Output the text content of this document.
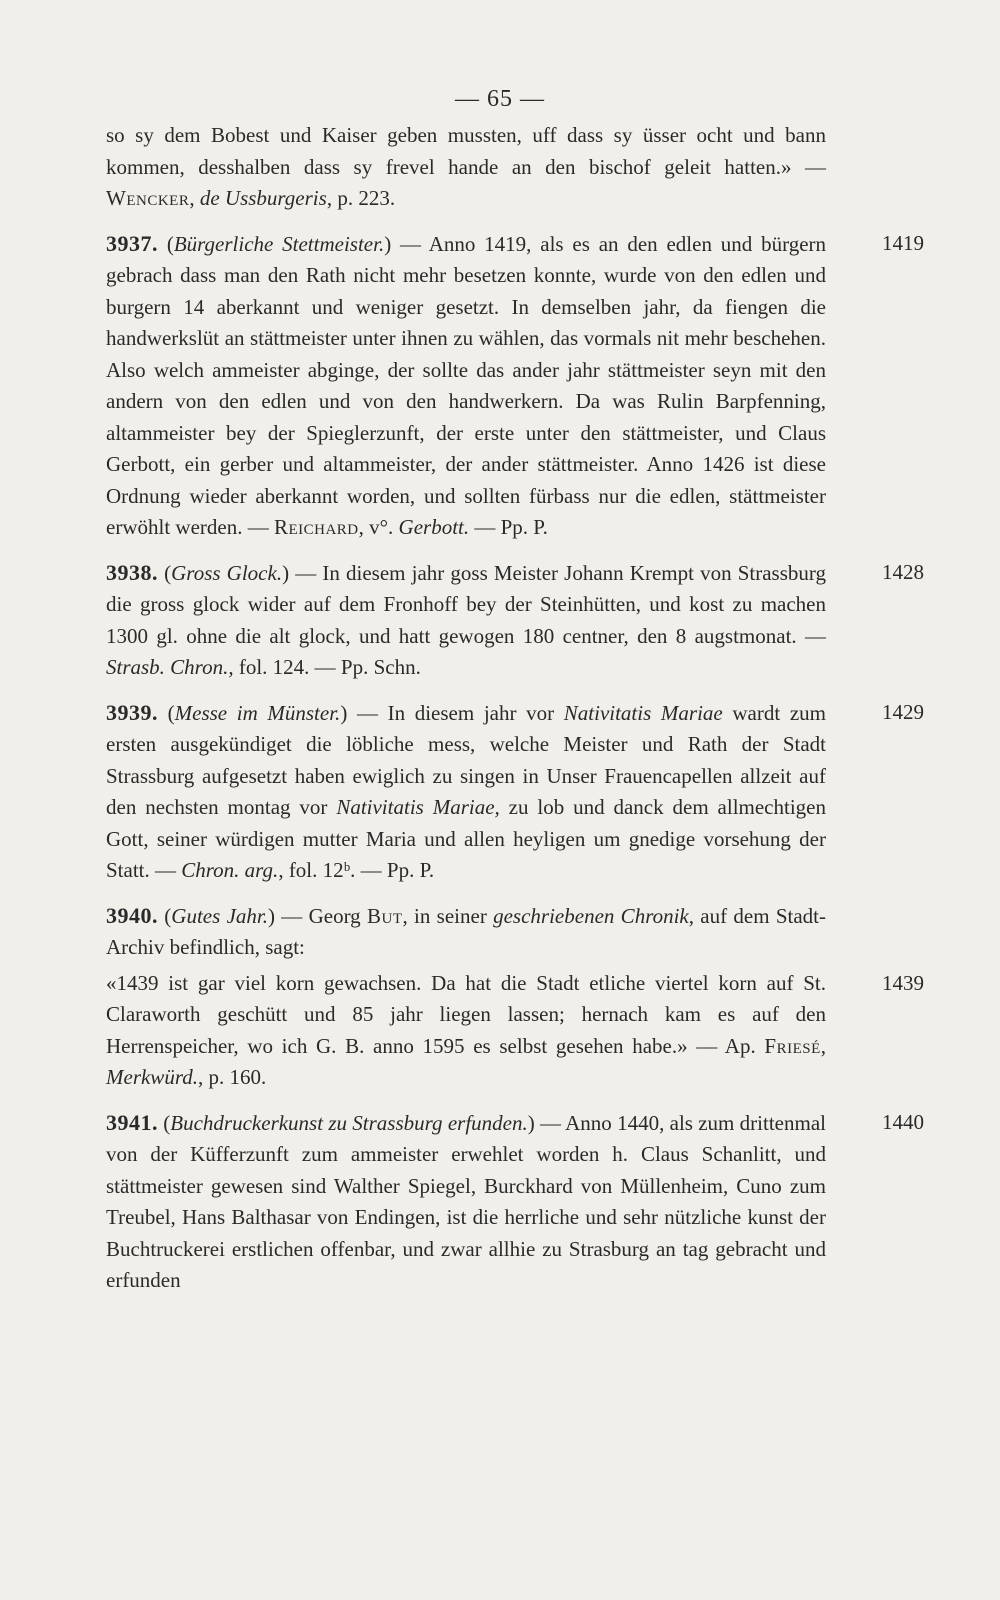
— 65 —

so sy dem Bobest und Kaiser geben mussten, uff dass sy üsser ocht und bann kommen, desshalben dass sy frevel hande an den bischof geleit hatten.» — Wencker, de Ussburgeris, p. 223.

1419
3937. (Bürgerliche Stettmeister.) — Anno 1419, als es an den edlen und bürgern gebrach dass man den Rath nicht mehr besetzen konnte, wurde von den edlen und burgern 14 aberkannt und weniger gesetzt. In demselben jahr, da fiengen die handwerkslüt an stättmeister unter ihnen zu wählen, das vormals nit mehr beschehen. Also welch ammeister abginge, der sollte das ander jahr stättmeister seyn mit den andern von den edlen und von den handwerkern. Da was Rulin Barpfenning, altammeister bey der Spieglerzunft, der erste unter den stättmeister, und Claus Gerbott, ein gerber und altammeister, der ander stättmeister. Anno 1426 ist diese Ordnung wieder aberkannt worden, und sollten fürbass nur die edlen, stättmeister erwöhlt werden. — Reichard, v°. Gerbott. — Pp. P.

1428
3938. (Gross Glock.) — In diesem jahr goss Meister Johann Krempt von Strassburg die gross glock wider auf dem Fronhoff bey der Steinhütten, und kost zu machen 1300 gl. ohne die alt glock, und hatt gewogen 180 centner, den 8 augstmonat. — Strasb. Chron., fol. 124. — Pp. Schn.

1429
3939. (Messe im Münster.) — In diesem jahr vor Nativitatis Mariae wardt zum ersten ausgekündiget die löbliche mess, welche Meister und Rath der Stadt Strassburg aufgesetzt haben ewiglich zu singen in Unser Frauencapellen allzeit auf den nechsten montag vor Nativitatis Mariae, zu lob und danck dem allmechtigen Gott, seiner würdigen mutter Maria und allen heyligen um gnedige vorsehung der Statt. — Chron. arg., fol. 12ᵇ. — Pp. P.

3940. (Gutes Jahr.) — Georg But, in seiner geschriebenen Chronik, auf dem Stadt-Archiv befindlich, sagt:

1439
«1439 ist gar viel korn gewachsen. Da hat die Stadt etliche viertel korn auf St. Claraworth geschütt und 85 jahr liegen lassen; hernach kam es auf den Herrenspeicher, wo ich G. B. anno 1595 es selbst gesehen habe.» — Ap. Friesé, Merkwürd., p. 160.

1440
3941. (Buchdruckerkunst zu Strassburg erfunden.) — Anno 1440, als zum drittenmal von der Küfferzunft zum ammeister erwehlet worden h. Claus Schanlitt, und stättmeister gewesen sind Walther Spiegel, Burckhard von Müllenheim, Cuno zum Treubel, Hans Balthasar von Endingen, ist die herrliche und sehr nützliche kunst der Buchtruckerei erstlichen offenbar, und zwar allhie zu Strasburg an tag gebracht und erfunden
